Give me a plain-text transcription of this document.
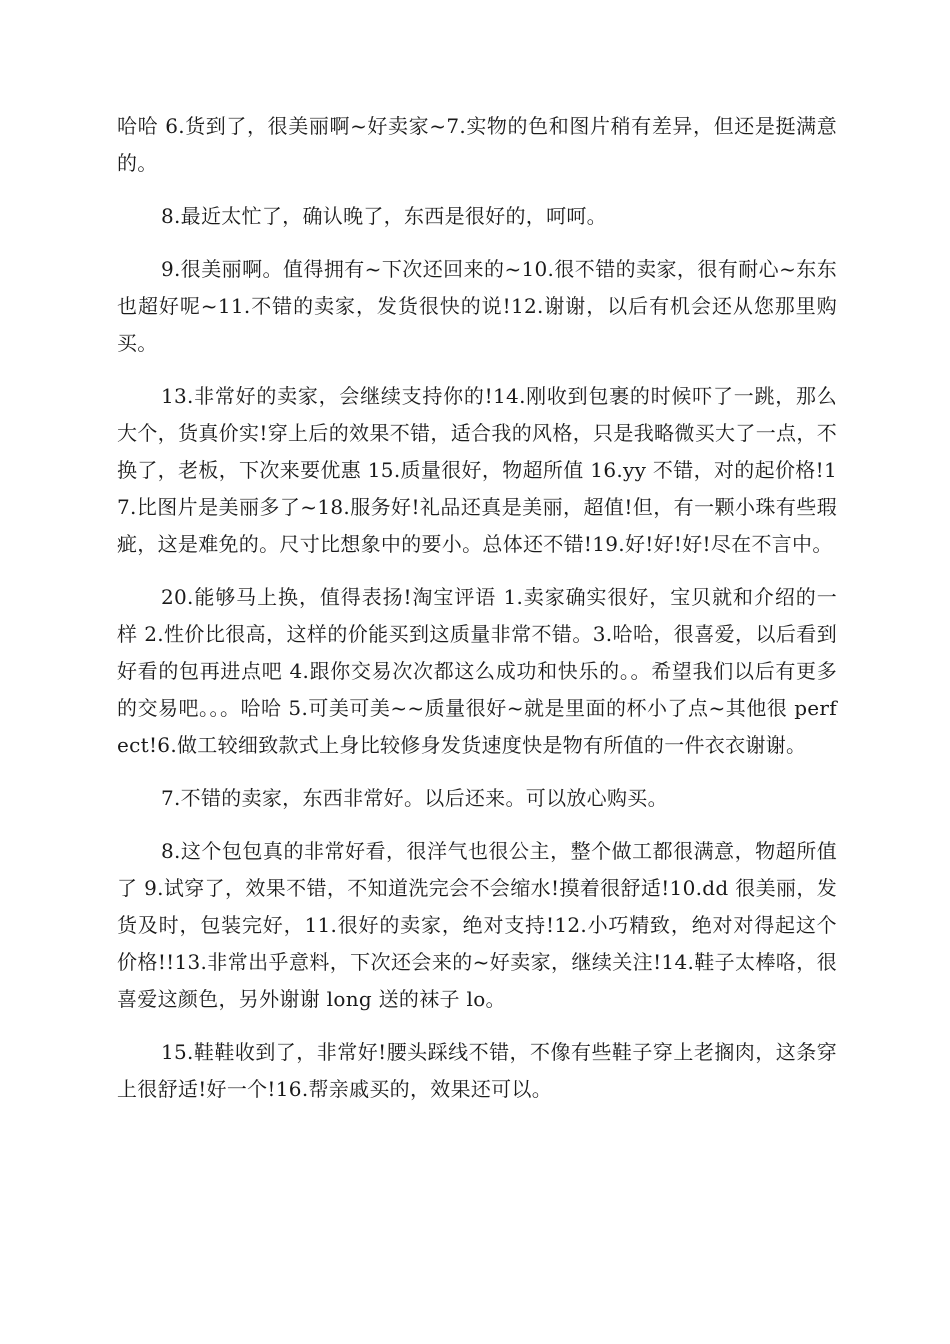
哈哈 6.货到了，很美丽啊~好卖家~7.实物的色和图片稍有差异，但还是挺满意的。

8.最近太忙了，确认晚了，东西是很好的，呵呵。

9.很美丽啊。值得拥有~下次还回来的~10.很不错的卖家，很有耐心~东东也超好呢~11.不错的卖家，发货很快的说!12.谢谢，以后有机会还从您那里购买。

13.非常好的卖家，会继续支持你的!14.刚收到包裹的时候吓了一跳，那么大个，货真价实!穿上后的效果不错，适合我的风格，只是我略微买大了一点，不换了，老板，下次来要优惠 15.质量很好，物超所值 16.yy 不错，对的起价格!17.比图片是美丽多了~18.服务好!礼品还真是美丽，超值!但，有一颗小珠有些瑕疵，这是难免的。尺寸比想象中的要小。总体还不错!19.好!好!好!尽在不言中。

20.能够马上换，值得表扬!淘宝评语 1.卖家确实很好，宝贝就和介绍的一样 2.性价比很高，这样的价能买到这质量非常不错。3.哈哈，很喜爱，以后看到好看的包再进点吧 4.跟你交易次次都这么成功和快乐的。。希望我们以后有更多的交易吧。。。哈哈 5.可美可美~~质量很好~就是里面的杯小了点~其他很 perfect!6.做工较细致款式上身比较修身发货速度快是物有所值的一件衣衣谢谢。

7.不错的卖家，东西非常好。以后还来。可以放心购买。

8.这个包包真的非常好看，很洋气也很公主，整个做工都很满意，物超所值了 9.试穿了，效果不错，不知道洗完会不会缩水!摸着很舒适!10.dd 很美丽，发货及时，包装完好，11.很好的卖家，绝对支持!12.小巧精致，绝对对得起这个价格!!13.非常出乎意料，下次还会来的~好卖家，继续关注!14.鞋子太棒咯，很喜爱这颜色，另外谢谢 long 送的袜子 lo。

15.鞋鞋收到了，非常好!腰头踩线不错，不像有些鞋子穿上老搁肉，这条穿上很舒适!好一个!16.帮亲戚买的，效果还可以。
